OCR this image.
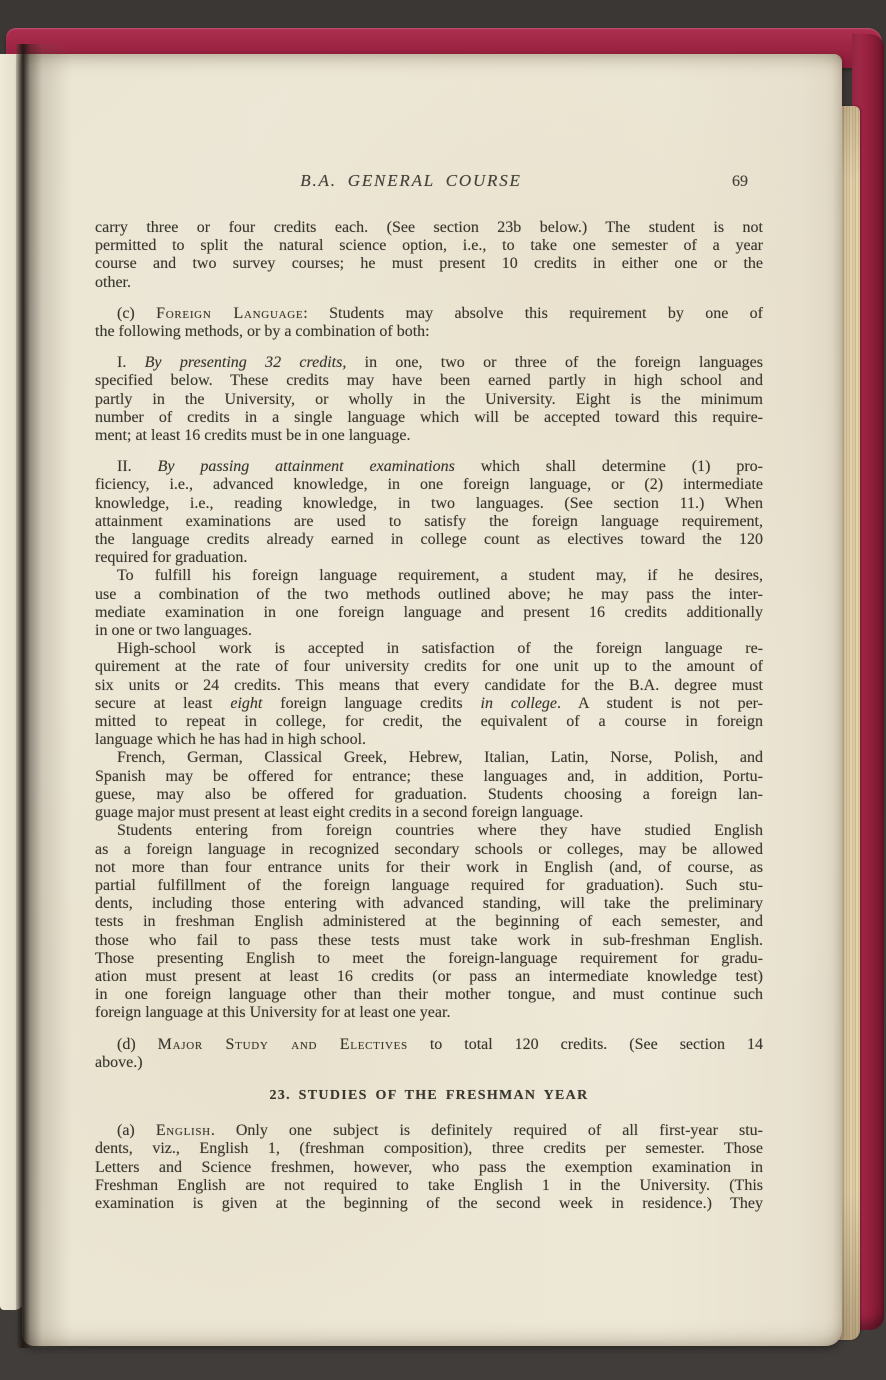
B.A. GENERAL COURSE	69
carry three or four credits each. (See section 23b below.) The student is not
permitted to split the natural science option, i.e., to take one semester of a year
course and two survey courses; he must present 10 credits in either one or the
other.
(c) Foreign Language: Students may absolve this requirement by one of
the following methods, or by a combination of both:
I. By presenting 32 credits, in one, two or three of the foreign languages
specified below. These credits may have been earned partly in high school and
partly in the University, or wholly in the University. Eight is the minimum
number of credits in a single language which will be accepted toward this require-
ment; at least 16 credits must be in one language.
II. By passing attainment examinations which shall determine (1) pro-
ficiency, i.e., advanced knowledge, in one foreign language, or (2) intermediate
knowledge, i.e., reading knowledge, in two languages. (See section 11.) When
attainment examinations are used to satisfy the foreign language requirement,
the language credits already earned in college count as electives toward the 120
required for graduation.
To fulfill his foreign language requirement, a student may, if he desires,
use a combination of the two methods outlined above; he may pass the inter-
mediate examination in one foreign language and present 16 credits additionally
in one or two languages.
High-school work is accepted in satisfaction of the foreign language re-
quirement at the rate of four university credits for one unit up to the amount of
six units or 24 credits. This means that every candidate for the B.A. degree must
secure at least eight foreign language credits in college. A student is not per-
mitted to repeat in college, for credit, the equivalent of a course in foreign
language which he has had in high school.
French, German, Classical Greek, Hebrew, Italian, Latin, Norse, Polish, and
Spanish may be offered for entrance; these languages and, in addition, Portu-
guese, may also be offered for graduation. Students choosing a foreign lan-
guage major must present at least eight credits in a second foreign language.
Students entering from foreign countries where they have studied English
as a foreign language in recognized secondary schools or colleges, may be allowed
not more than four entrance units for their work in English (and, of course, as
partial fulfillment of the foreign language required for graduation). Such stu-
dents, including those entering with advanced standing, will take the preliminary
tests in freshman English administered at the beginning of each semester, and
those who fail to pass these tests must take work in sub-freshman English.
Those presenting English to meet the foreign-language requirement for gradu-
ation must present at least 16 credits (or pass an intermediate knowledge test)
in one foreign language other than their mother tongue, and must continue such
foreign language at this University for at least one year.
(d) Major Study and Electives to total 120 credits. (See section 14
above.)
23. STUDIES OF THE FRESHMAN YEAR
(a) English. Only one subject is definitely required of all first-year stu-
dents, viz., English 1, (freshman composition), three credits per semester. Those
Letters and Science freshmen, however, who pass the exemption examination in
Freshman English are not required to take English 1 in the University. (This
examination is given at the beginning of the second week in residence.) They
